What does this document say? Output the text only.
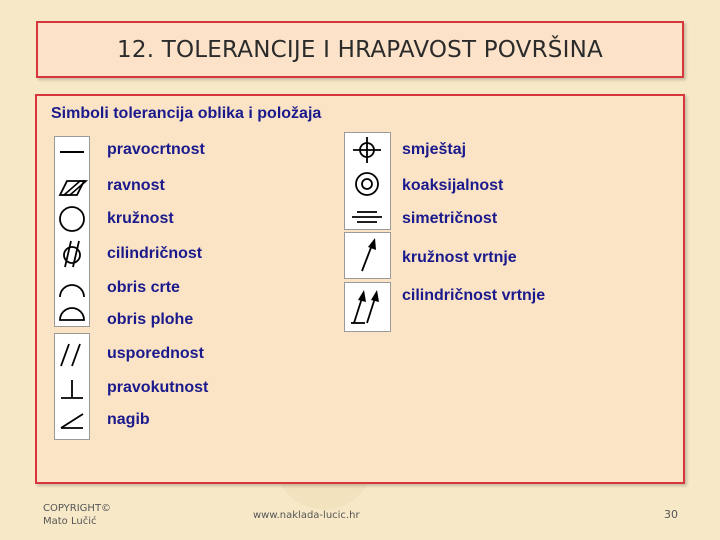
12. TOLERANCIJE I HRAPAVOST POVRŠINA
Simboli tolerancija oblika i položaja
pravocrtnost
ravnost
kružnost
cilindričnost
obris crte
obris plohe
usporednost
pravokutnost
nagib
smještaj
koaksijalnost
simetričnost
kružnost vrtnje
cilindričnost vrtnje
COPYRIGHT©
Mato Lučić
www.naklada-lucic.hr	30
